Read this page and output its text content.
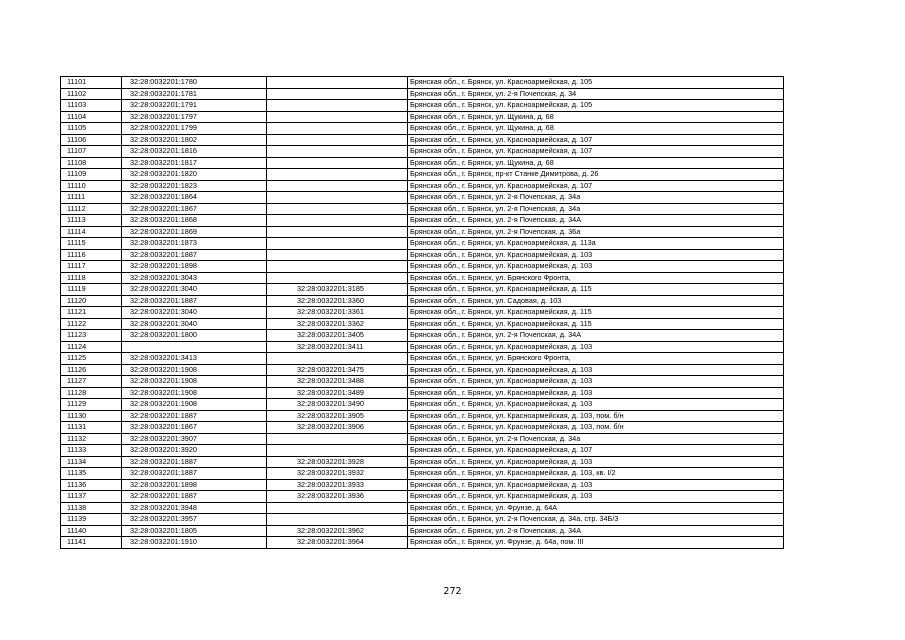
11101	32:28:0032201:1780		Брянская обл., г. Брянск, ул. Красноармейская, д. 105
11102	32:28:0032201:1781		Брянская обл., г. Брянск, ул. 2-я Почепская, д. 34
11103	32:28:0032201:1791		Брянская обл., г. Брянск, ул. Красноармейская, д. 105
11104	32:28:0032201:1797		Брянская обл., г. Брянск, ул. Щукина, д. 68
11105	32:28:0032201:1799		Брянская обл., г. Брянск, ул. Щукина, д. 68
11106	32:28:0032201:1802		Брянская обл., г. Брянск, ул. Красноармейская, д. 107
11107	32:28:0032201:1816		Брянская обл., г. Брянск, ул. Красноармейская, д. 107
11108	32:28:0032201:1817		Брянская обл., г. Брянск, ул. Щукина, д. 68
11109	32:28:0032201:1820		Брянская обл., г. Брянск, пр-кт Станке Димитрова, д. 26
11110	32:28:0032201:1823		Брянская обл., г. Брянск, ул. Красноармейская, д. 107
11111	32:28:0032201:1864		Брянская обл., г. Брянск, ул. 2-я Почепская, д. 34а
11112	32:28:0032201:1867		Брянская обл., г. Брянск, ул. 2-я Почепская, д. 34а
11113	32:28:0032201:1868		Брянская обл., г. Брянск, ул. 2-я Почепская, д. 34А
11114	32:28:0032201:1869		Брянская обл., г. Брянск, ул. 2-я Почепская, д. 36а
11115	32:28:0032201:1873		Брянская обл., г. Брянск, ул. Красноармейская, д. 113а
11116	32:28:0032201:1887		Брянская обл., г. Брянск, ул. Красноармейская, д. 103
11117	32:28:0032201:1898		Брянская обл., г. Брянск, ул. Красноармейская, д. 103
11118	32:28:0032201:3043		Брянская обл., г. Брянск, ул. Брянского Фронта,
11119	32:28:0032201:3040	32:28:0032201:3185	Брянская обл., г. Брянск, ул. Красноармейская, д. 115
11120	32:28:0032201:1887	32:28:0032201:3360	Брянская обл., г. Брянск, ул. Садовая, д. 103
11121	32:28:0032201:3040	32:28:0032201:3361	Брянская обл., г. Брянск, ул. Красноармейская, д. 115
11122	32:28:0032201:3040	32:28:0032201:3362	Брянская обл., г. Брянск, ул. Красноармейская, д. 115
11123	32:28:0032201:1800	32:28:0032201:3405	Брянская обл., г. Брянск, ул. 2-я Почепская, д. 34А
11124		32:28:0032201:3411	Брянская обл., г. Брянск, ул. Красноармейская, д. 103
11125	32:28:0032201:3413		Брянская обл., г. Брянск, ул. Брянского Фронта,
11126	32:28:0032201:1908	32:28:0032201:3475	Брянская обл., г. Брянск, ул. Красноармейская, д. 103
11127	32:28:0032201:1908	32:28:0032201:3488	Брянская обл., г. Брянск, ул. Красноармейская, д. 103
11128	32:28:0032201:1908	32:28:0032201:3489	Брянская обл., г. Брянск, ул. Красноармейская, д. 103
11129	32:28:0032201:1908	32:28:0032201:3490	Брянская обл., г. Брянск, ул. Красноармейская, д. 103
11130	32:28:0032201:1887	32:28:0032201:3905	Брянская обл., г. Брянск, ул. Красноармейская, д. 103, пом. б/н
11131	32:28:0032201:1867	32:28:0032201:3906	Брянская обл., г. Брянск, ул. Красноармейская, д. 103, пом. б/н
11132	32:28:0032201:3907		Брянская обл., г. Брянск, ул. 2-я Почепская, д. 34а
11133	32:28:0032201:3920		Брянская обл., г. Брянск, ул. Красноармейская, д. 107
11134	32:28:0032201:1887	32:28:0032201:3928	Брянская обл., г. Брянск, ул. Красноармейская, д. 103
11135	32:28:0032201:1887	32:28:0032201:3932	Брянская обл., г. Брянск, ул. Красноармейская, д. 103, кв. I/2
11136	32:28:0032201:1898	32:28:0032201:3933	Брянская обл., г. Брянск, ул. Красноармейская, д. 103
11137	32:28:0032201:1887	32:28:0032201:3936	Брянская обл., г. Брянск, ул. Красноармейская, д. 103
11138	32:28:0032201:3948		Брянская обл., г. Брянск, ул. Фрунзе, д. 64А
11139	32:28:0032201:3957		Брянская обл., г. Брянск, ул. 2-я Почепская, д. 34а, стр. 34Б/3
11140	32:28:0032201:1805	32:28:0032201:3962	Брянская обл., г. Брянск, ул. 2-я Почепская, д. 34А
11141	32:28:0032201:1910	32:28:0032201:3964	Брянская обл., г. Брянск, ул. Фрунзе, д. 64а, пом. III
272
